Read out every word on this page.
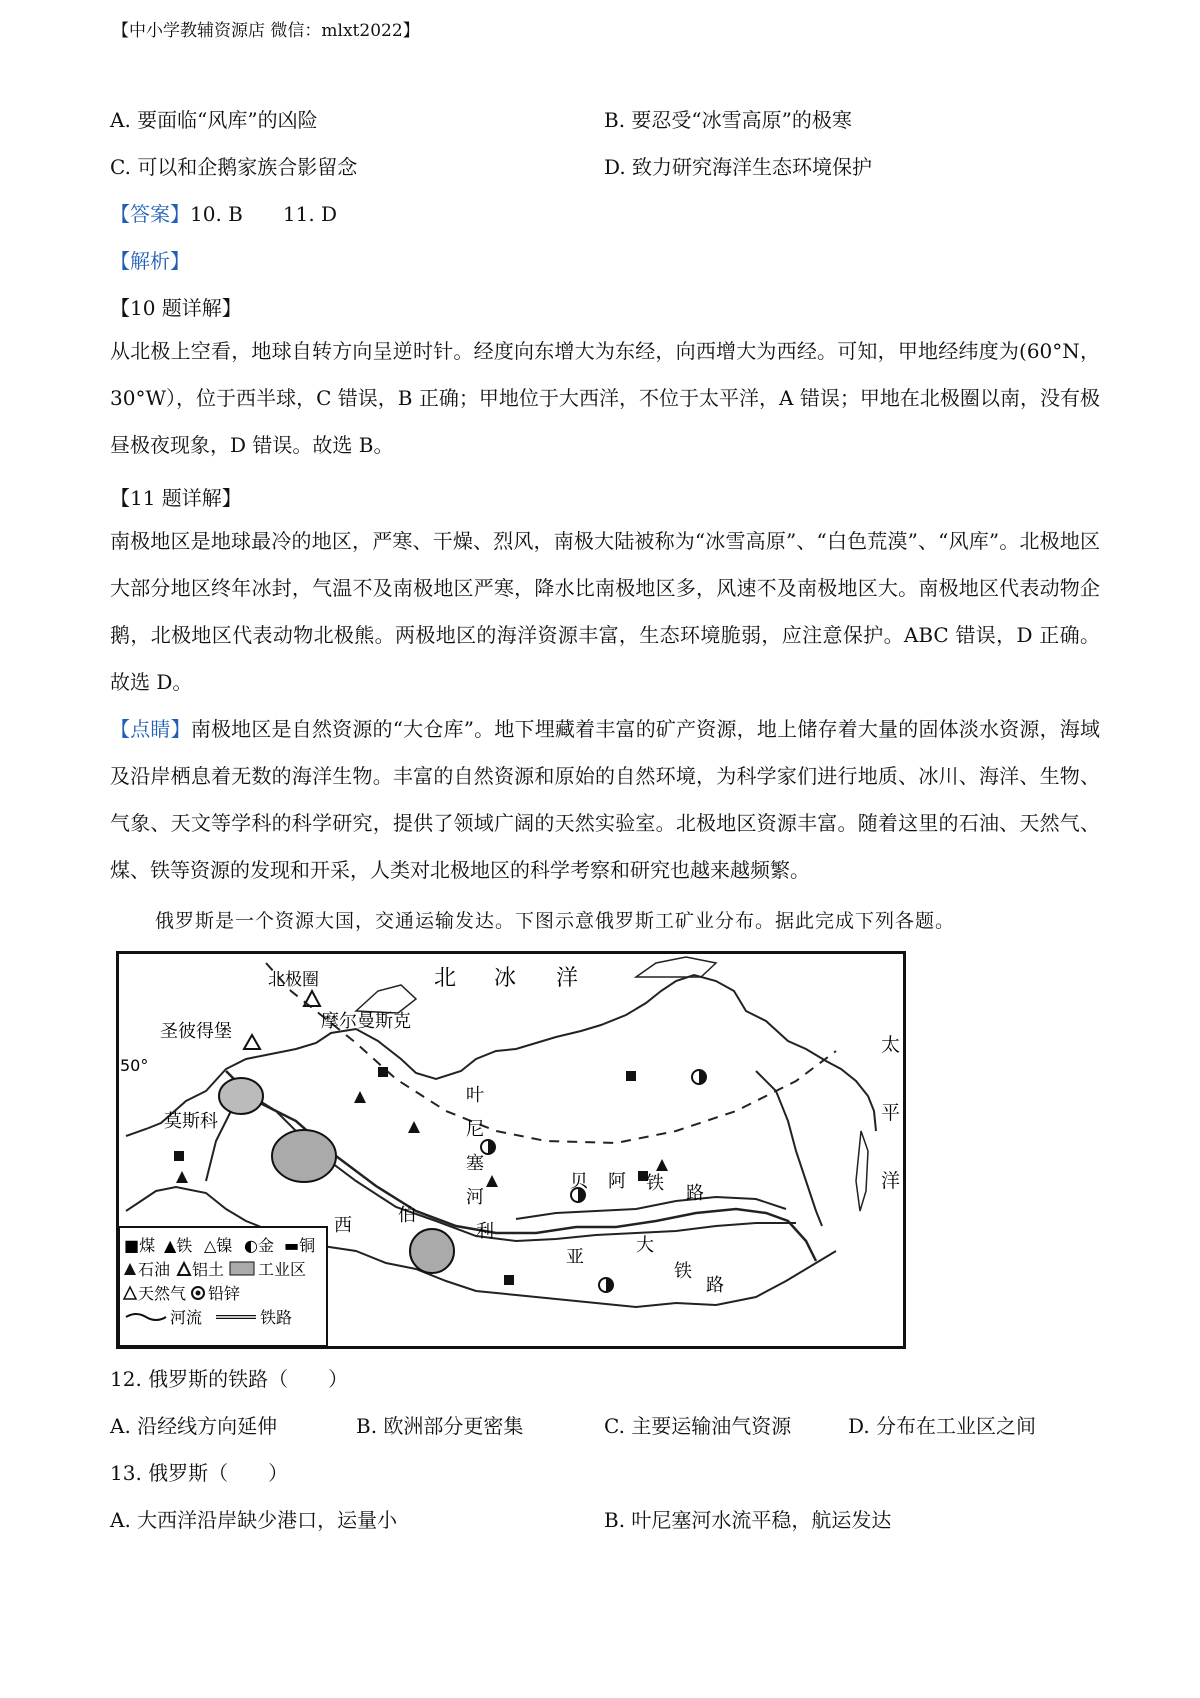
【中小学教辅资源店 微信：mlxt2022】
A. 要面临“风库”的凶险	B. 要忍受“冰雪高原”的极寒
C. 可以和企鹅家族合影留念	D. 致力研究海洋生态环境保护
【答案】10. B 11. D
【解析】
【10 题详解】
从北极上空看，地球自转方向呈逆时针。经度向东增大为东经，向西增大为西经。可知，甲地经纬度为(60°N，30°W），位于西半球，C 错误，B 正确；甲地位于大西洋，不位于太平洋，A 错误；甲地在北极圈以南，没有极昼极夜现象，D 错误。故选 B。
【11 题详解】
南极地区是地球最冷的地区，严寒、干燥、烈风，南极大陆被称为“冰雪高原”、“白色荒漠”、“风库”。北极地区大部分地区终年冰封，气温不及南极地区严寒，降水比南极地区多，风速不及南极地区大。南极地区代表动物企鹅，北极地区代表动物北极熊。两极地区的海洋资源丰富，生态环境脆弱，应注意保护。ABC 错误，D 正确。故选 D。
【点睛】南极地区是自然资源的“大仓库”。地下埋藏着丰富的矿产资源，地上储存着大量的固体淡水资源，海域及沿岸栖息着无数的海洋生物。丰富的自然资源和原始的自然环境，为科学家们进行地质、冰川、海洋、生物、气象、天文等学科的科学研究，提供了领域广阔的天然实验室。北极地区资源丰富。随着这里的石油、天然气、煤、铁等资源的发现和开采，人类对北极地区的科学考察和研究也越来越频繁。
俄罗斯是一个资源大国，交通运输发达。下图示意俄罗斯工矿业分布。据此完成下列各题。
北极圈	北 冰 洋
摩尔曼斯克
圣彼得堡
莫斯科
50°
太
平
洋
叶
尼
塞
河
西	伯
利
亚
贝 阿 铁 路
大
铁
路
■煤 ▲铁 △镍 ◐金 ▬铜
石油 铝土 工业区
天然气 铅锌
河流	铁路
12. 俄罗斯的铁路（　　）
A. 沿经线方向延伸	B. 欧洲部分更密集	C. 主要运输油气资源	D. 分布在工业区之间
13. 俄罗斯（　　）
A. 大西洋沿岸缺少港口，运量小	B. 叶尼塞河水流平稳，航运发达
